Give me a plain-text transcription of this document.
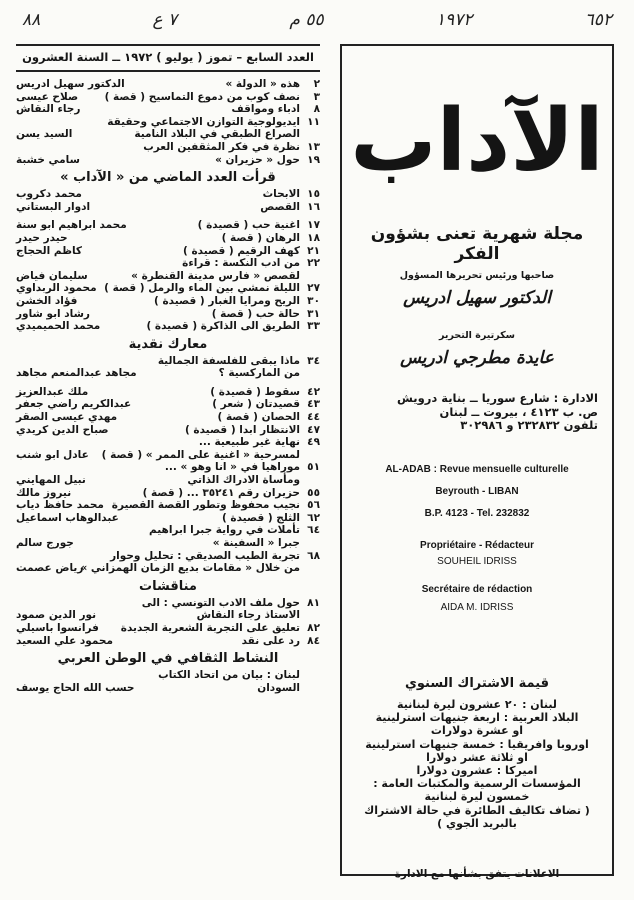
٨٨	٧ ع	٥٥ م	١٩٧٢	٦٥٢
العدد السابع – تموز ( يوليو ) ١٩٧٢ ــ السنة العشرون
٢
هذه « الدولة »
الدكتور سهيل ادريس
٣
نصف كوب من دموع التماسيح ( قصة )
صلاح عيسى
٨
ادباء ومواقف
رجاء النقاش
١١
ايديولوجية التوازن الاجتماعي وحقيقة
الصراع الطبقي في البلاد النامية
السيد يسن
١٣
نظرة في فكر المثقفين العرب
١٩
حول « حزيران »
سامي خشبة
قرأت العدد الماضي من « الآداب »
١٥
الابحاث
محمد دكروب
١٦
القصص
ادوار البستاني
١٧
اغنية حب ( قصيدة )
محمد ابراهيم ابو سنة
١٨
الرهان ( قصة )
حيدر حيدر
٢١
كهف الرقيم ( قصيدة )
كاظم الحجاج
٢٢
من ادب النكسة : قراءة
لقصص « فارس مدينة القنطرة »
سليمان فياض
٢٧
الليلة نمشي بين الماء والرمل ( قصة )
محمود الربداوي
٣٠
الريح ومرايا الغبار ( قصيدة )
فؤاد الخشن
٣١
حالة حب ( قصة )
رشاد ابو شاور
٣٣
الطريق الى الذاكرة ( قصيدة )
محمد الحميميدي
معارك نقدية
٣٤
ماذا يبقى للفلسفة الجمالية
من الماركسية ؟
مجاهد عبدالمنعم مجاهد
٤٢
سقوط ( قصيدة )
ملك عبدالعزيز
٤٣
قصيدتان ( شعر )
عبدالكريم راضي جعفر
٤٤
الحصان ( قصة )
مهدي عيسى الصقر
٤٧
الانتظار ابدا ( قصيدة )
صباح الدين كريدي
٤٩
نهاية غير طبيعية ...
لمسرحية « اغنية على الممر » ( قصة )
عادل ابو شنب
٥١
موراهيا في « انا وهو » ...
ومأساة الادراك الذاتي
نبيل المهايني
٥٥
حزيران رقم ٣٥٢٤١ ... ( قصة )
نيروز مالك
٥٦
نجيب محفوظ وتطور القصة القصيرة
محمد حافظ دياب
٦٢
الثلج ( قصيدة )
عبدالوهاب اسماعيل
٦٤
تأملات في رواية جبرا ابراهيم
جبرا « السفينة »
جورج سالم
٦٨
تجربة الطيب الصديقي : تحليل وحوار
من خلال « مقامات بديع الزمان الهمزاني »
رياض عصمت
مناقشات
٨١
حول ملف الادب التونسي : الى
الاستاذ رجاء النقاش
نور الدين صمود
٨٢
تعليق على التجربة الشعرية الجديدة
فرانسوا باسيلي
٨٤
رد على نقد
محمود علي السعيد
النشاط الثقافي في الوطن العربي
لبنان : بيان من اتحاد الكتاب
السودان
حسب الله الحاج يوسف
الآداب
مجلة شهرية تعنى بشؤون الفكر
صاحبها ورئيس تحريرها المسؤول
الدكتور سهيل ادريس
سكرتيرة التحرير
عايدة مطرجي ادريس
الادارة : شارع سوريا ــ بناية درويش
ص. ب ٤١٢٣ ، بيروت ــ لبنان
تلفون ٢٣٢٨٣٢ و ٣٠٢٩٨٦
AL-ADAB : Revue mensuelle culturelle
Beyrouth - LIBAN
B.P. 4123 - Tel. 232832
Propriétaire - Rédacteur
SOUHEIL IDRISS
Secrétaire de rédaction
AIDA M. IDRISS
قيمة الاشتراك السنوي
لبنان : ٢٠ عشرون ليرة لبنانية
البلاد العربية : اربعة جنيهات استرلينية
او عشرة دولارات
اوروبا وافريقيا : خمسة جنيهات استرلينية
او ثلاثة عشر دولارا
اميركا : عشرون دولارا
المؤسسات الرسمية والمكتبات العامة :
خمسون ليرة لبنانية
( تضاف تكاليف الطائرة في حالة الاشتراك
بالبريد الجوي )
الاعلانات يتفق بشأنها مع الادارة
